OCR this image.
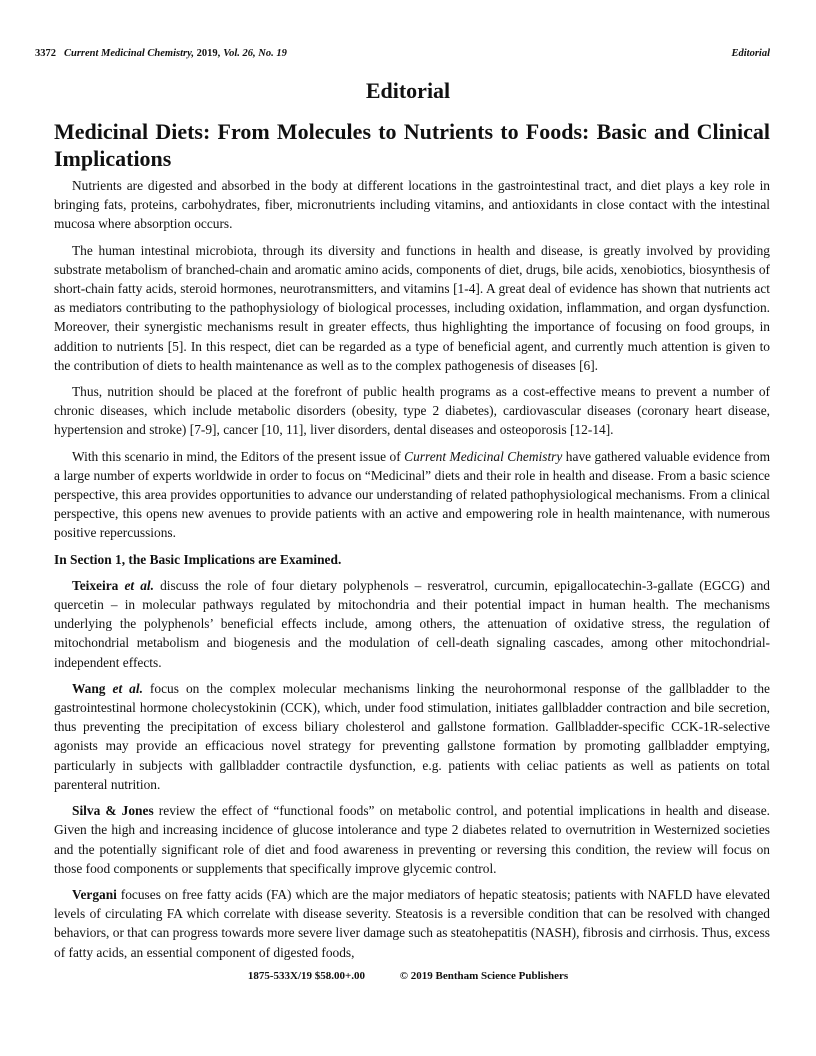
3372 Current Medicinal Chemistry, 2019, Vol. 26, No. 19	Editorial
Editorial
Medicinal Diets: From Molecules to Nutrients to Foods: Basic and Clinical Implications

Nutrients are digested and absorbed in the body at different locations in the gastrointestinal tract, and diet plays a key role in bringing fats, proteins, carbohydrates, fiber, micronutrients including vitamins, and antioxidants in close contact with the intestinal mucosa where absorption occurs.

The human intestinal microbiota, through its diversity and functions in health and disease, is greatly involved by providing substrate metabolism of branched-chain and aromatic amino acids, components of diet, drugs, bile acids, xenobiotics, biosynthesis of short-chain fatty acids, steroid hormones, neurotransmitters, and vitamins [1-4]. A great deal of evidence has shown that nutrients act as mediators contributing to the pathophysiology of biological processes, including oxidation, inflammation, and organ dysfunction. Moreover, their synergistic mechanisms result in greater effects, thus highlighting the importance of focusing on food groups, in addition to nutrients [5]. In this respect, diet can be regarded as a type of beneficial agent, and currently much attention is given to the contribution of diets to health maintenance as well as to the complex pathogenesis of diseases [6].

Thus, nutrition should be placed at the forefront of public health programs as a cost-effective means to prevent a number of chronic diseases, which include metabolic disorders (obesity, type 2 diabetes), cardiovascular diseases (coronary heart disease, hypertension and stroke) [7-9], cancer [10, 11], liver disorders, dental diseases and osteoporosis [12-14].

With this scenario in mind, the Editors of the present issue of Current Medicinal Chemistry have gathered valuable evidence from a large number of experts worldwide in order to focus on “Medicinal” diets and their role in health and disease. From a basic science perspective, this area provides opportunities to advance our understanding of related pathophysiological mechanisms. From a clinical perspective, this opens new avenues to provide patients with an active and empowering role in health maintenance, with numerous positive repercussions.

In Section 1, the Basic Implications are Examined.

Teixeira et al. discuss the role of four dietary polyphenols – resveratrol, curcumin, epigallocatechin-3-gallate (EGCG) and quercetin – in molecular pathways regulated by mitochondria and their potential impact in human health. The mechanisms underlying the polyphenols’ beneficial effects include, among others, the attenuation of oxidative stress, the regulation of mitochondrial metabolism and biogenesis and the modulation of cell-death signaling cascades, among other mitochondrial-independent effects.

Wang et al. focus on the complex molecular mechanisms linking the neurohormonal response of the gallbladder to the gastrointestinal hormone cholecystokinin (CCK), which, under food stimulation, initiates gallbladder contraction and bile secretion, thus preventing the precipitation of excess biliary cholesterol and gallstone formation. Gallbladder-specific CCK-1R-selective agonists may provide an efficacious novel strategy for preventing gallstone formation by promoting gallbladder emptying, particularly in subjects with gallbladder contractile dysfunction, e.g. patients with celiac patients as well as patients on total parenteral nutrition.

Silva & Jones review the effect of “functional foods” on metabolic control, and potential implications in health and disease. Given the high and increasing incidence of glucose intolerance and type 2 diabetes related to overnutrition in Westernized societies and the potentially significant role of diet and food awareness in preventing or reversing this condition, the review will focus on those food components or supplements that specifically improve glycemic control.

Vergani focuses on free fatty acids (FA) which are the major mediators of hepatic steatosis; patients with NAFLD have elevated levels of circulating FA which correlate with disease severity. Steatosis is a reversible condition that can be resolved with changed behaviors, or that can progress towards more severe liver damage such as steatohepatitis (NASH), fibrosis and cirrhosis. Thus, excess of fatty acids, an essential component of digested foods,

1875-533X/19 $58.00+.00	© 2019 Bentham Science Publishers
